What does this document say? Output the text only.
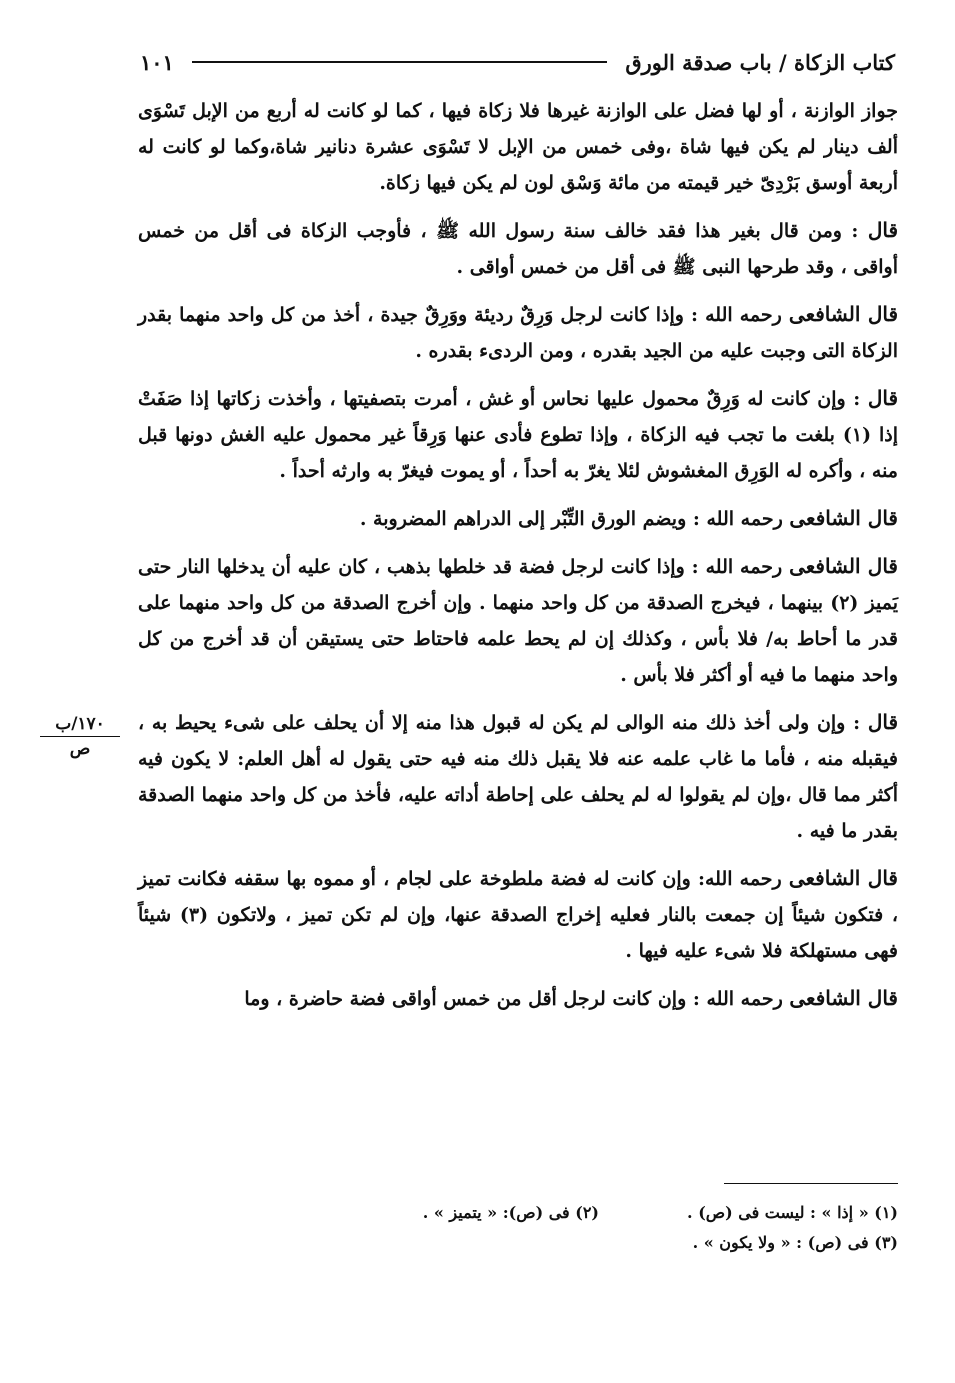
كتاب الزكاة / باب صدقة الورق
١٠١

جواز الوازنة ، أو لها فضل على الوازنة غيرها فلا زكاة فيها ، كما لو كانت له أربع من الإبل تَسْوَى ألف دينار لم يكن فيها شاة ،وفى خمس من الإبل لا تَسْوَى عشرة دنانير شاة،وكما لو كانت له أربعة أوسق بَرْدِىّ خير قيمته من مائة وَسْق لون لم يكن فيها زكاة.

قال : ومن قال بغير هذا فقد خالف سنة رسول الله ﷺ ، فأوجب الزكاة فى أقل من خمس أواقى ، وقد طرحها النبى ﷺ فى أقل من خمس أواقى .

قال الشافعى رحمه الله : وإذا كانت لرجل وَرِقٌ رديئة ووَرِقٌ جيدة ، أخذ من كل واحد منهما بقدر الزكاة التى وجبت عليه من الجيد بقدره ، ومن الردىء بقدره .

قال : وإن كانت له وَرِقٌ محمول عليها نحاس أو غش ، أمرت بتصفيتها ، وأخذت زكاتها إذا صَفَتْ إذا (١) بلغت ما تجب فيه الزكاة ، وإذا تطوع فأدى عنها وَرِقاً غير محمول عليه الغش دونها قبل منه ، وأكره له الوَرِق المغشوش لئلا يغرّ به أحداً ، أو يموت فيغرّ به وارثه أحداً .

قال الشافعى رحمه الله : ويضم الورق التِّبْر إلى الدراهم المضروبة .

قال الشافعى رحمه الله : وإذا كانت لرجل فضة قد خلطها بذهب ، كان عليه أن يدخلها النار حتى يَميز (٢) بينهما ، فيخرج الصدقة من كل واحد منهما . وإن أخرج الصدقة من كل واحد منهما على قدر ما أحاط به/ فلا بأس ، وكذلك إن لم يحط علمه فاحتاط حتى يستيقن أن قد أخرج من كل واحد منهما ما فيه أو أكثر فلا بأس .

قال : وإن ولى أخذ ذلك منه الوالى لم يكن له قبول هذا منه إلا أن يحلف على شىء يحيط به ، فيقبله منه ، فأما ما غاب علمه عنه فلا يقبل ذلك منه فيه حتى يقول له أهل العلم: لا يكون فيه أكثر مما قال ،وإن لم يقولوا له لم يحلف على إحاطة أداته عليه، فأخذ من كل واحد منهما الصدقة بقدر ما فيه .

قال الشافعى رحمه الله: وإن كانت له فضة ملطوخة على لجام ، أو مموه بها سقفه فكانت تميز ، فتكون شيئاً إن جمعت بالنار فعليه إخراج الصدقة عنها، وإن لم تكن تميز ، ولاتكون (٣) شيئاً فهى مستهلكة فلا شىء عليه فيها .

قال الشافعى رحمه الله : وإن كانت لرجل أقل من خمس أواقى فضة حاضرة ، وما

١٧٠/ب
ص
(١) « إذا » : ليست فى (ص) .
(٢) فى (ص): « يتميز » .
(٣) فى (ص) : « ولا يكون » .
